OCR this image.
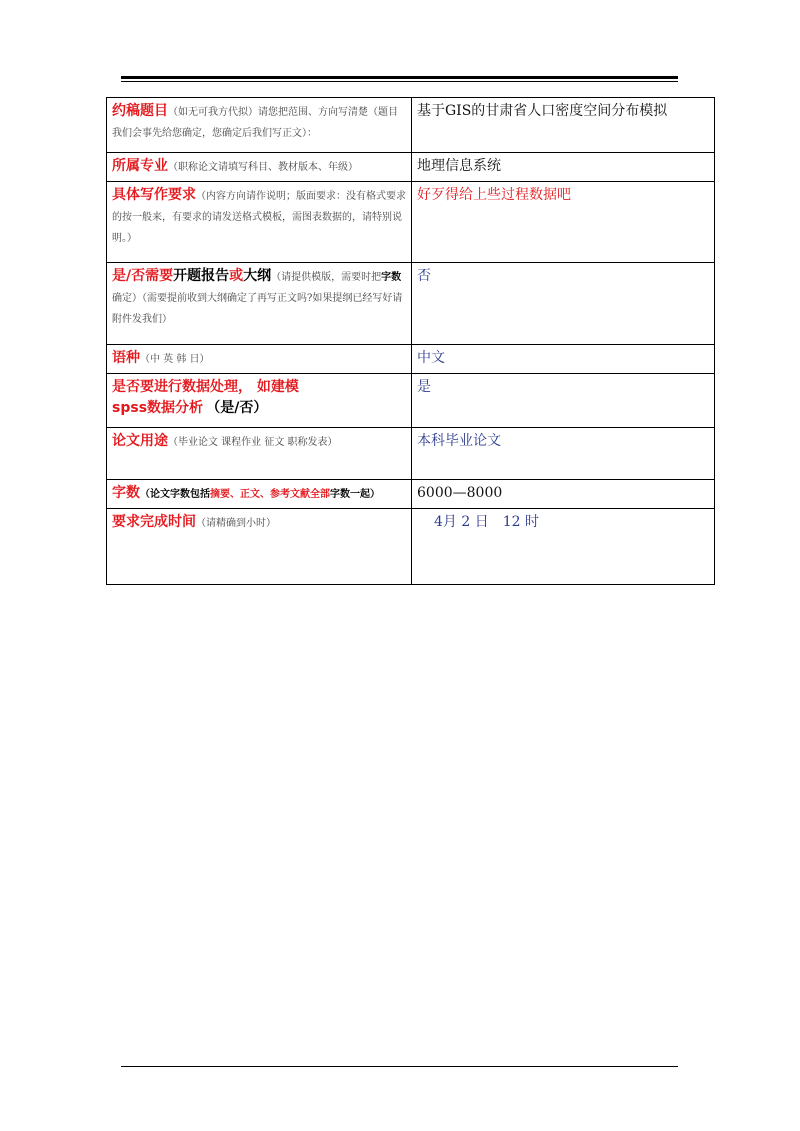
约稿题目（如无可我方代拟）请您把范围、方向写清楚（题目我们会事先给您确定，您确定后我们写正文）：	基于GIS的甘肃省人口密度空间分布模拟
所属专业（职称论文请填写科目、教材版本、年级）	地理信息系统
具体写作要求（内容方向请作说明；版面要求：没有格式要求的按一般来，有要求的请发送格式模板，需图表数据的，请特别说明。）	好歹得给上些过程数据吧
是/否需要开题报告或大纲（请提供模版，需要时把字数确定）（需要提前收到大纲确定了再写正文吗?如果提纲已经写好请附件发我们）	否
语种（中 英 韩 日）	中文

是否要进行数据处理， 如建模
spss数据分析 （是/否）	是
论文用途（毕业论文 课程作业 征文 职称发表）	本科毕业论文
字数（论文字数包括摘要、正文、参考文献全部字数一起）	6000—8000
要求完成时间（请精确到小时）	4月 2 日　12 时
